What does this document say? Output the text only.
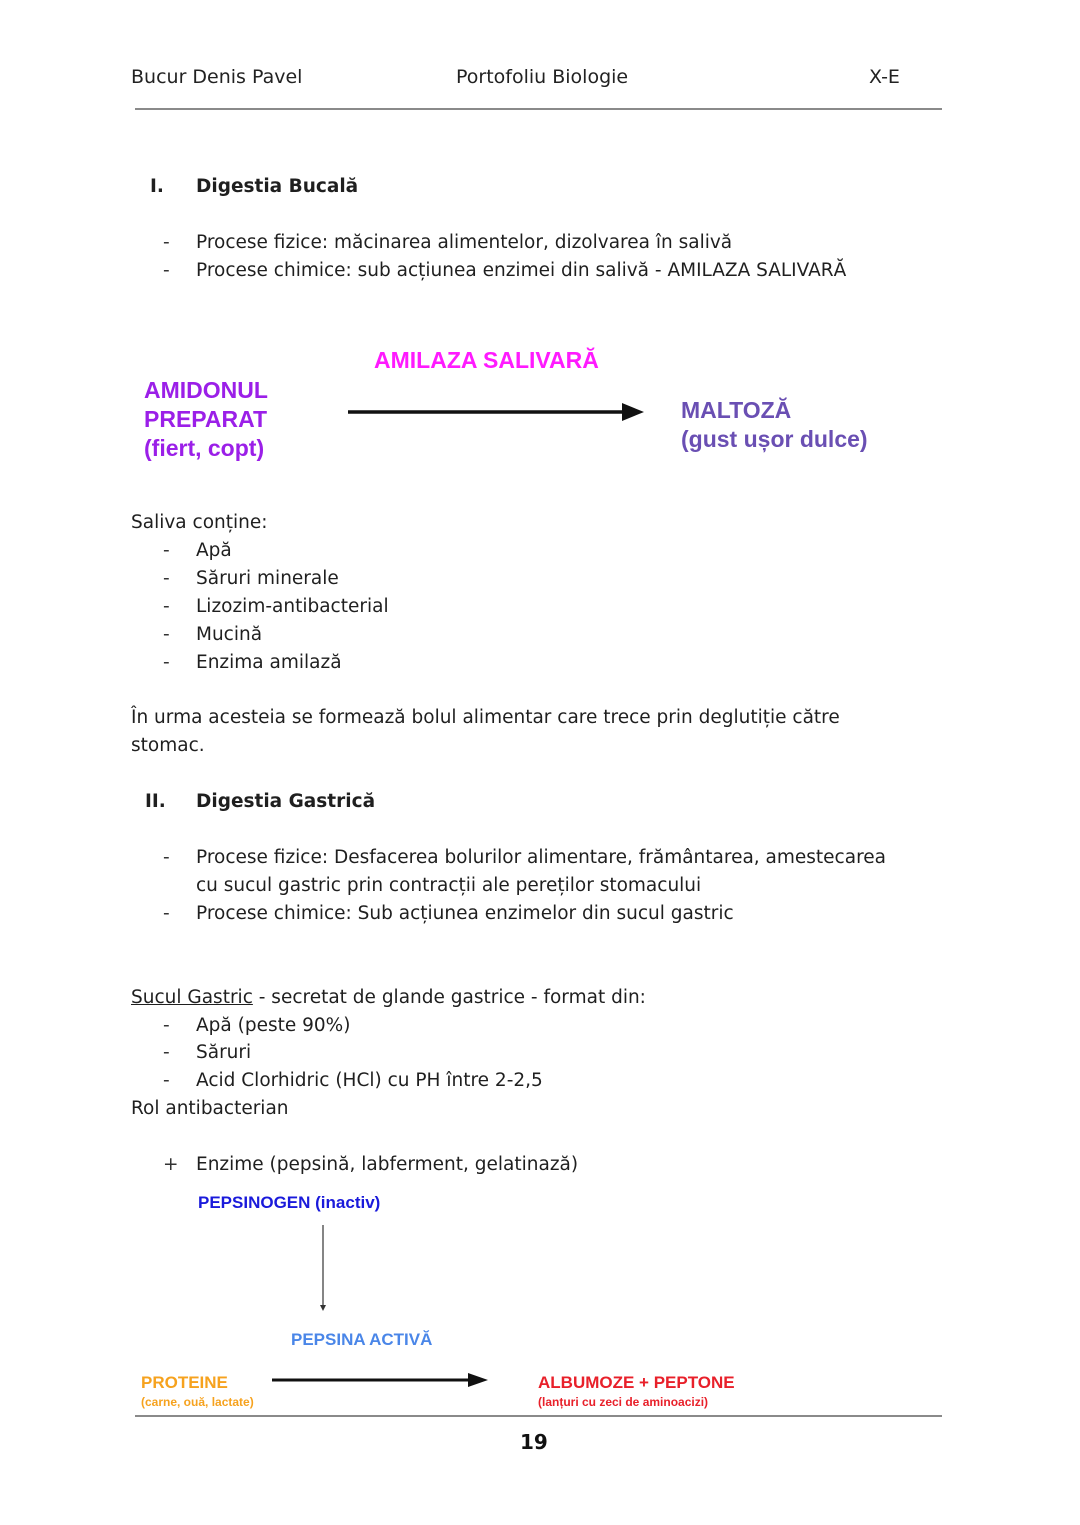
Bucur Denis Pavel	Portofoliu Biologie	X-E
I. Digestia Bucală
- Procese fizice: măcinarea alimentelor, dizolvarea în salivă
- Procese chimice: sub acțiunea enzimei din salivă - AMILAZA SALIVARĂ
AMILAZA SALIVARĂ
AMIDONUL
PREPARAT
(fiert, copt)
MALTOZĂ
(gust ușor dulce)
Saliva conține:
- Apă
- Săruri minerale
- Lizozim-antibacterial
- Mucină
- Enzima amilază
În urma acesteia se formează bolul alimentar care trece prin deglutiție către
stomac.
II. Digestia Gastrică
- Procese fizice: Desfacerea bolurilor alimentare, frământarea, amestecarea
cu sucul gastric prin contracții ale pereților stomacului
- Procese chimice: Sub acțiunea enzimelor din sucul gastric
Sucul Gastric - secretat de glande gastrice - format din:
- Apă (peste 90%)
- Săruri
- Acid Clorhidric (HCl) cu PH între 2-2,5
Rol antibacterian
+ Enzime (pepsină, labferment, gelatinază)
PEPSINOGEN (inactiv)
PEPSINA ACTIVĂ
PROTEINE
(carne, ouă, lactate)
ALBUMOZE + PEPTONE
(lanțuri cu zeci de aminoacizi)
19
